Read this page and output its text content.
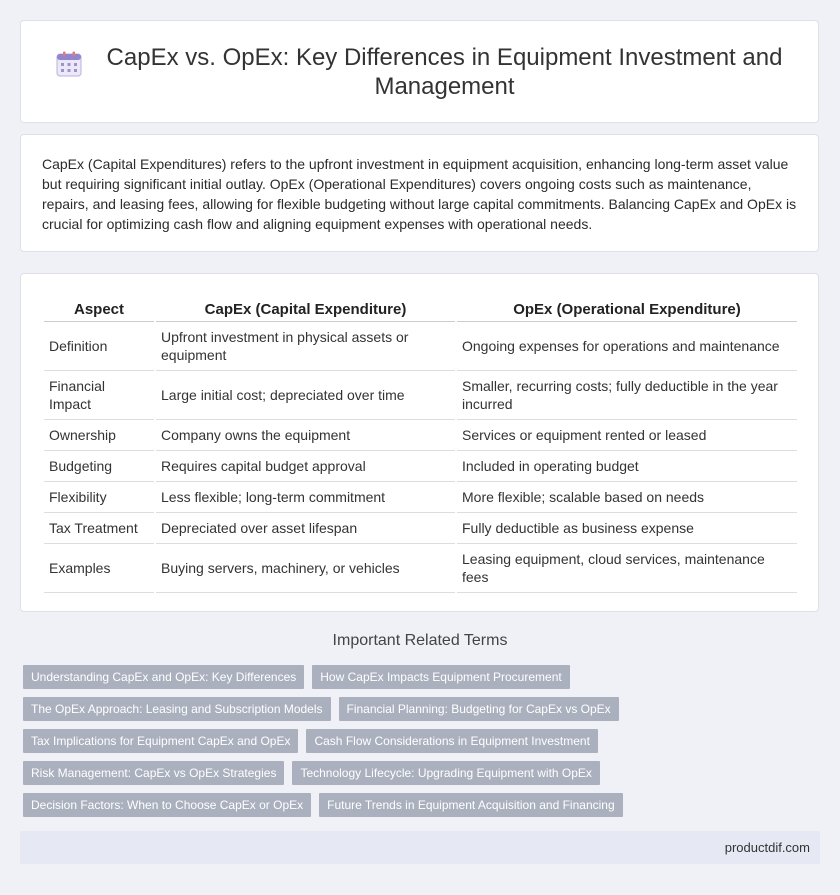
CapEx vs. OpEx: Key Differences in Equipment Investment and Management
CapEx (Capital Expenditures) refers to the upfront investment in equipment acquisition, enhancing long-term asset value but requiring significant initial outlay. OpEx (Operational Expenditures) covers ongoing costs such as maintenance, repairs, and leasing fees, allowing for flexible budgeting without large capital commitments. Balancing CapEx and OpEx is crucial for optimizing cash flow and aligning equipment expenses with operational needs.
Aspect	CapEx (Capital Expenditure)	OpEx (Operational Expenditure)
Definition	Upfront investment in physical assets or equipment	Ongoing expenses for operations and maintenance
Financial Impact	Large initial cost; depreciated over time	Smaller, recurring costs; fully deductible in the year incurred
Ownership	Company owns the equipment	Services or equipment rented or leased
Budgeting	Requires capital budget approval	Included in operating budget
Flexibility	Less flexible; long-term commitment	More flexible; scalable based on needs
Tax Treatment	Depreciated over asset lifespan	Fully deductible as business expense
Examples	Buying servers, machinery, or vehicles	Leasing equipment, cloud services, maintenance fees
Important Related Terms
Understanding CapEx and OpEx: Key Differences	How CapEx Impacts Equipment Procurement
The OpEx Approach: Leasing and Subscription Models	Financial Planning: Budgeting for CapEx vs OpEx
Tax Implications for Equipment CapEx and OpEx	Cash Flow Considerations in Equipment Investment
Risk Management: CapEx vs OpEx Strategies	Technology Lifecycle: Upgrading Equipment with OpEx
Decision Factors: When to Choose CapEx or OpEx	Future Trends in Equipment Acquisition and Financing
productdif.com
